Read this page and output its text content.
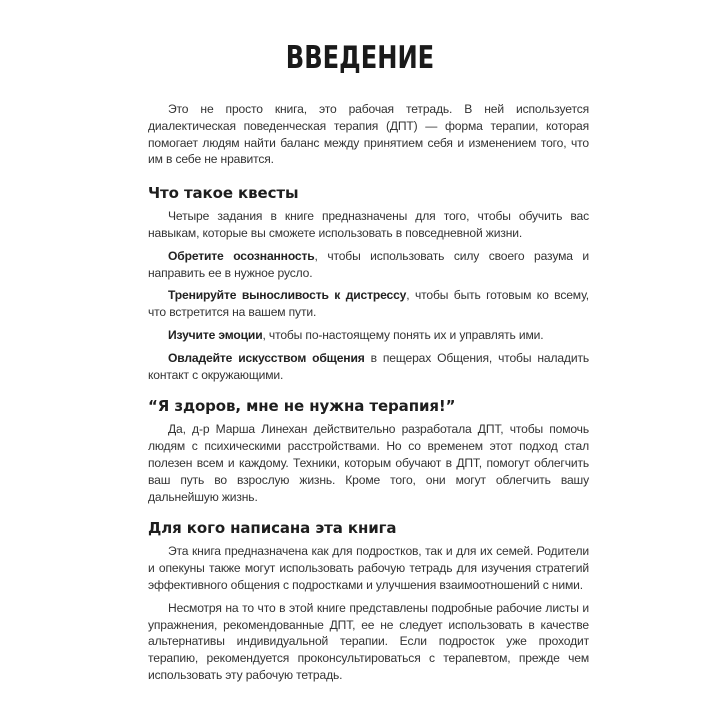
ВВЕДЕНИЕ

Это не просто книга, это рабочая тетрадь. В ней используется диалектическая поведенческая терапия (ДПТ) — форма терапии, которая помогает людям найти баланс между принятием себя и изменением того, что им в себе не нравится.

Что такое квесты

Четыре задания в книге предназначены для того, чтобы обучить вас навыкам, которые вы сможете использовать в повседневной жизни.

Обретите осознанность, чтобы использовать силу своего разума и направить ее в нужное русло.

Тренируйте выносливость к дистрессу, чтобы быть готовым ко всему, что встретится на вашем пути.

Изучите эмоции, чтобы по-настоящему понять их и управлять ими.

Овладейте искусством общения в пещерах Общения, чтобы наладить контакт с окружающими.

“Я здоров, мне не нужна терапия!”

Да, д-р Марша Линехан действительно разработала ДПТ, чтобы помочь людям с психическими расстройствами. Но со временем этот подход стал полезен всем и каждому. Техники, которым обучают в ДПТ, помогут облегчить ваш путь во взрослую жизнь. Кроме того, они могут облегчить вашу дальнейшую жизнь.

Для кого написана эта книга

Эта книга предназначена как для подростков, так и для их семей. Родители и опекуны также могут использовать рабочую тетрадь для изучения стратегий эффективного общения с подростками и улучшения взаимоотношений с ними.

Несмотря на то что в этой книге представлены подробные рабочие листы и упражнения, рекомендованные ДПТ, ее не следует использовать в качестве альтернативы индивидуальной терапии. Если подросток уже проходит терапию, рекомендуется проконсультироваться с терапевтом, прежде чем использовать эту рабочую тетрадь.
